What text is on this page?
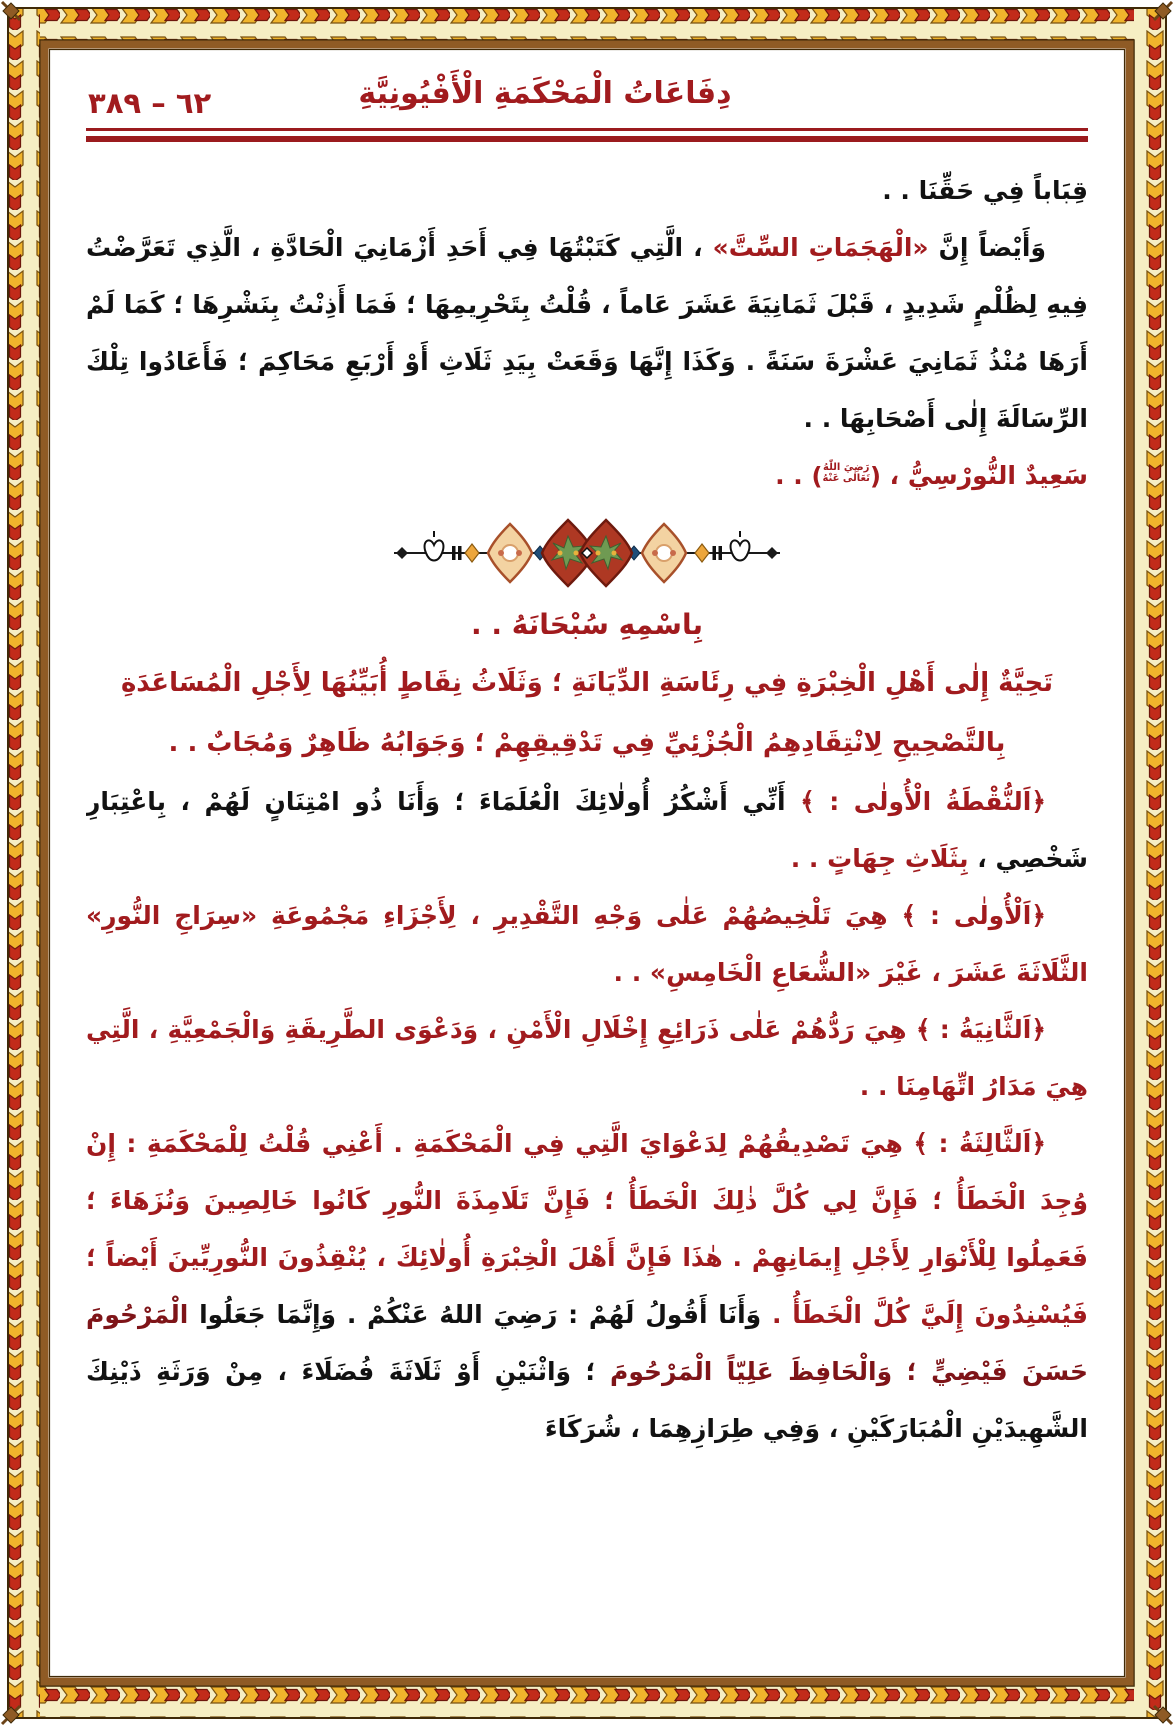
٦٢ – ٣٨٩	دِفَاعَاتُ الْمَحْكَمَةِ الْأَفْيُونِيَّةِ

قِبَاباً فِي حَقِّنَا . .

وَأَيْضاً إِنَّ «الْهَجَمَاتِ السِّتَّ» ، الَّتِي كَتَبْتُهَا فِي أَحَدِ أَزْمَانِيَ الْحَادَّةِ ، الَّذِي تَعَرَّضْتُ فِيهِ لِظُلْمٍ شَدِيدٍ ، قَبْلَ ثَمَانِيَةَ عَشَرَ عَاماً ، قُلْتُ بِتَحْرِيمِهَا ؛ فَمَا أَذِنْتُ بِنَشْرِهَا ؛ كَمَا لَمْ أَرَهَا مُنْذُ ثَمَانِيَ عَشْرَةَ سَنَةً . وَكَذَا إِنَّهَا وَقَعَتْ بِيَدِ ثَلَاثِ أَوْ أَرْبَعِ مَحَاكِمَ ؛ فَأَعَادُوا تِلْكَ الرِّسَالَةَ إِلٰى أَصْحَابِهَا . .

سَعِيدٌ النُّورْسِيُّ ، (
رَضِيَ اللّٰهُ
تَعَالٰى عَنْهُ
) . .

بِاسْمِهِ سُبْحَانَهُ . .

تَحِيَّةٌ إِلٰى أَهْلِ الْخِبْرَةِ فِي رِئَاسَةِ الدِّيَانَةِ ؛ وَثَلَاثُ نِقَاطٍ أُبَيِّنُهَا لِأَجْلِ الْمُسَاعَدَةِ
بِالتَّصْحِيحِ لِانْتِقَادِهِمُ الْجُزْئِيِّ فِي تَدْقِيقِهِمْ ؛ وَجَوَابُهُ ظَاهِرٌ وَمُجَابٌ . .

﴿اَلنُّقْطَةُ الْأُولٰى : ﴾ أَنِّي أَشْكُرُ أُولٰائِكَ الْعُلَمَاءَ ؛ وَأَنَا ذُو امْتِنَانٍ لَهُمْ ، بِاعْتِبَارِ شَخْصِي ، بِثَلَاثِ جِهَاتٍ . .

﴿اَلْأُولٰى : ﴾ هِيَ تَلْخِيصُهُمْ عَلٰى وَجْهِ التَّقْدِيرِ ، لِأَجْزَاءِ مَجْمُوعَةِ «سِرَاجِ النُّورِ» الثَّلَاثَةَ عَشَرَ ، غَيْرَ «الشُّعَاعِ الْخَامِسِ» . .

﴿اَلثَّانِيَةُ : ﴾ هِيَ رَدُّهُمْ عَلٰى ذَرَائِعِ إِخْلَالِ الْأَمْنِ ، وَدَعْوَى الطَّرِيقَةِ وَالْجَمْعِيَّةِ ، الَّتِي هِيَ مَدَارُ اتِّهَامِنَا . .

﴿اَلثَّالِثَةُ : ﴾ هِيَ تَصْدِيقُهُمْ لِدَعْوَايَ الَّتِي فِي الْمَحْكَمَةِ . أَعْنِي قُلْتُ لِلْمَحْكَمَةِ : إِنْ وُجِدَ الْخَطَأُ ؛ فَإِنَّ لِي كُلَّ ذٰلِكَ الْخَطَأُ ؛ فَإِنَّ تَلَامِذَةَ النُّورِ كَانُوا خَالِصِينَ وَنُزَهَاءَ ؛ فَعَمِلُوا لِلْأَنْوَارِ لِأَجْلِ إِيمَانِهِمْ . هٰذَا فَإِنَّ أَهْلَ الْخِبْرَةِ أُولٰائِكَ ، يُنْقِذُونَ النُّورِيِّينَ أَيْضاً ؛ فَيُسْنِدُونَ إِلَيَّ كُلَّ الْخَطَأُ . وَأَنَا أَقُولُ لَهُمْ : رَضِيَ اللهُ عَنْكُمْ . وَإِنَّمَا جَعَلُوا الْمَرْحُومَ حَسَنَ فَيْضِيٍّ ؛ وَالْحَافِظَ عَلِيّاً الْمَرْحُومَ ؛ وَاثْنَيْنِ أَوْ ثَلَاثَةَ فُضَلَاءَ ، مِنْ وَرَثَةِ ذَيْنِكَ الشَّهِيدَيْنِ الْمُبَارَكَيْنِ ، وَفِي طِرَازِهِمَا ، شُرَكَاءَ
